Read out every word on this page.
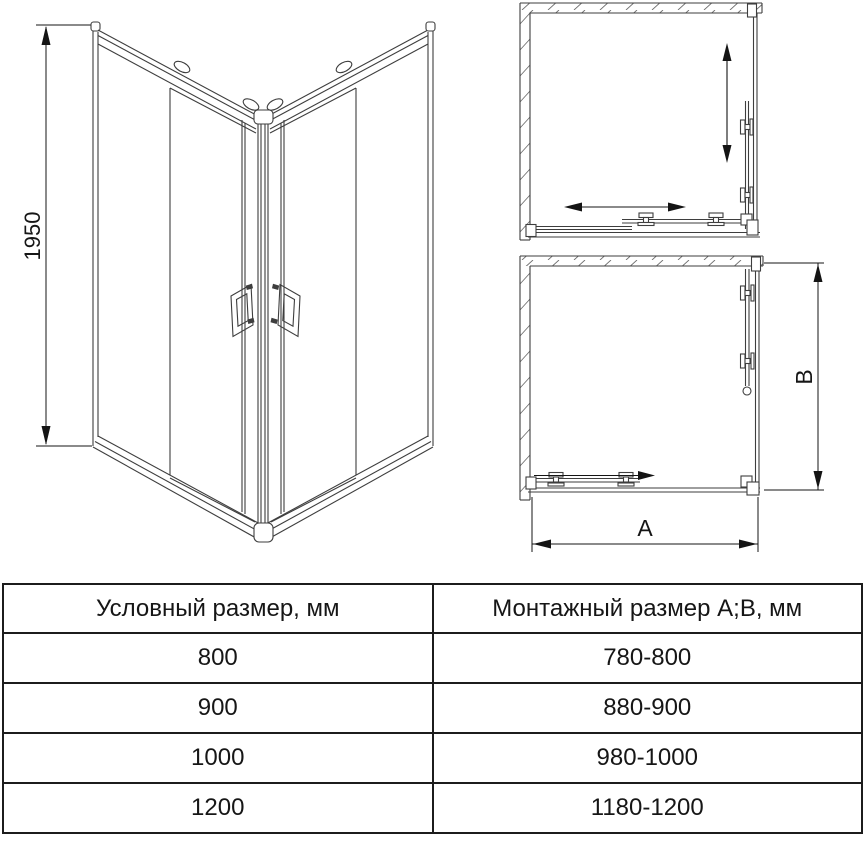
1950
A
B
Условный размер, мм	Монтажный размер А;В, мм
800	780-800
900	880-900
1000	980-1000
1200	1180-1200
